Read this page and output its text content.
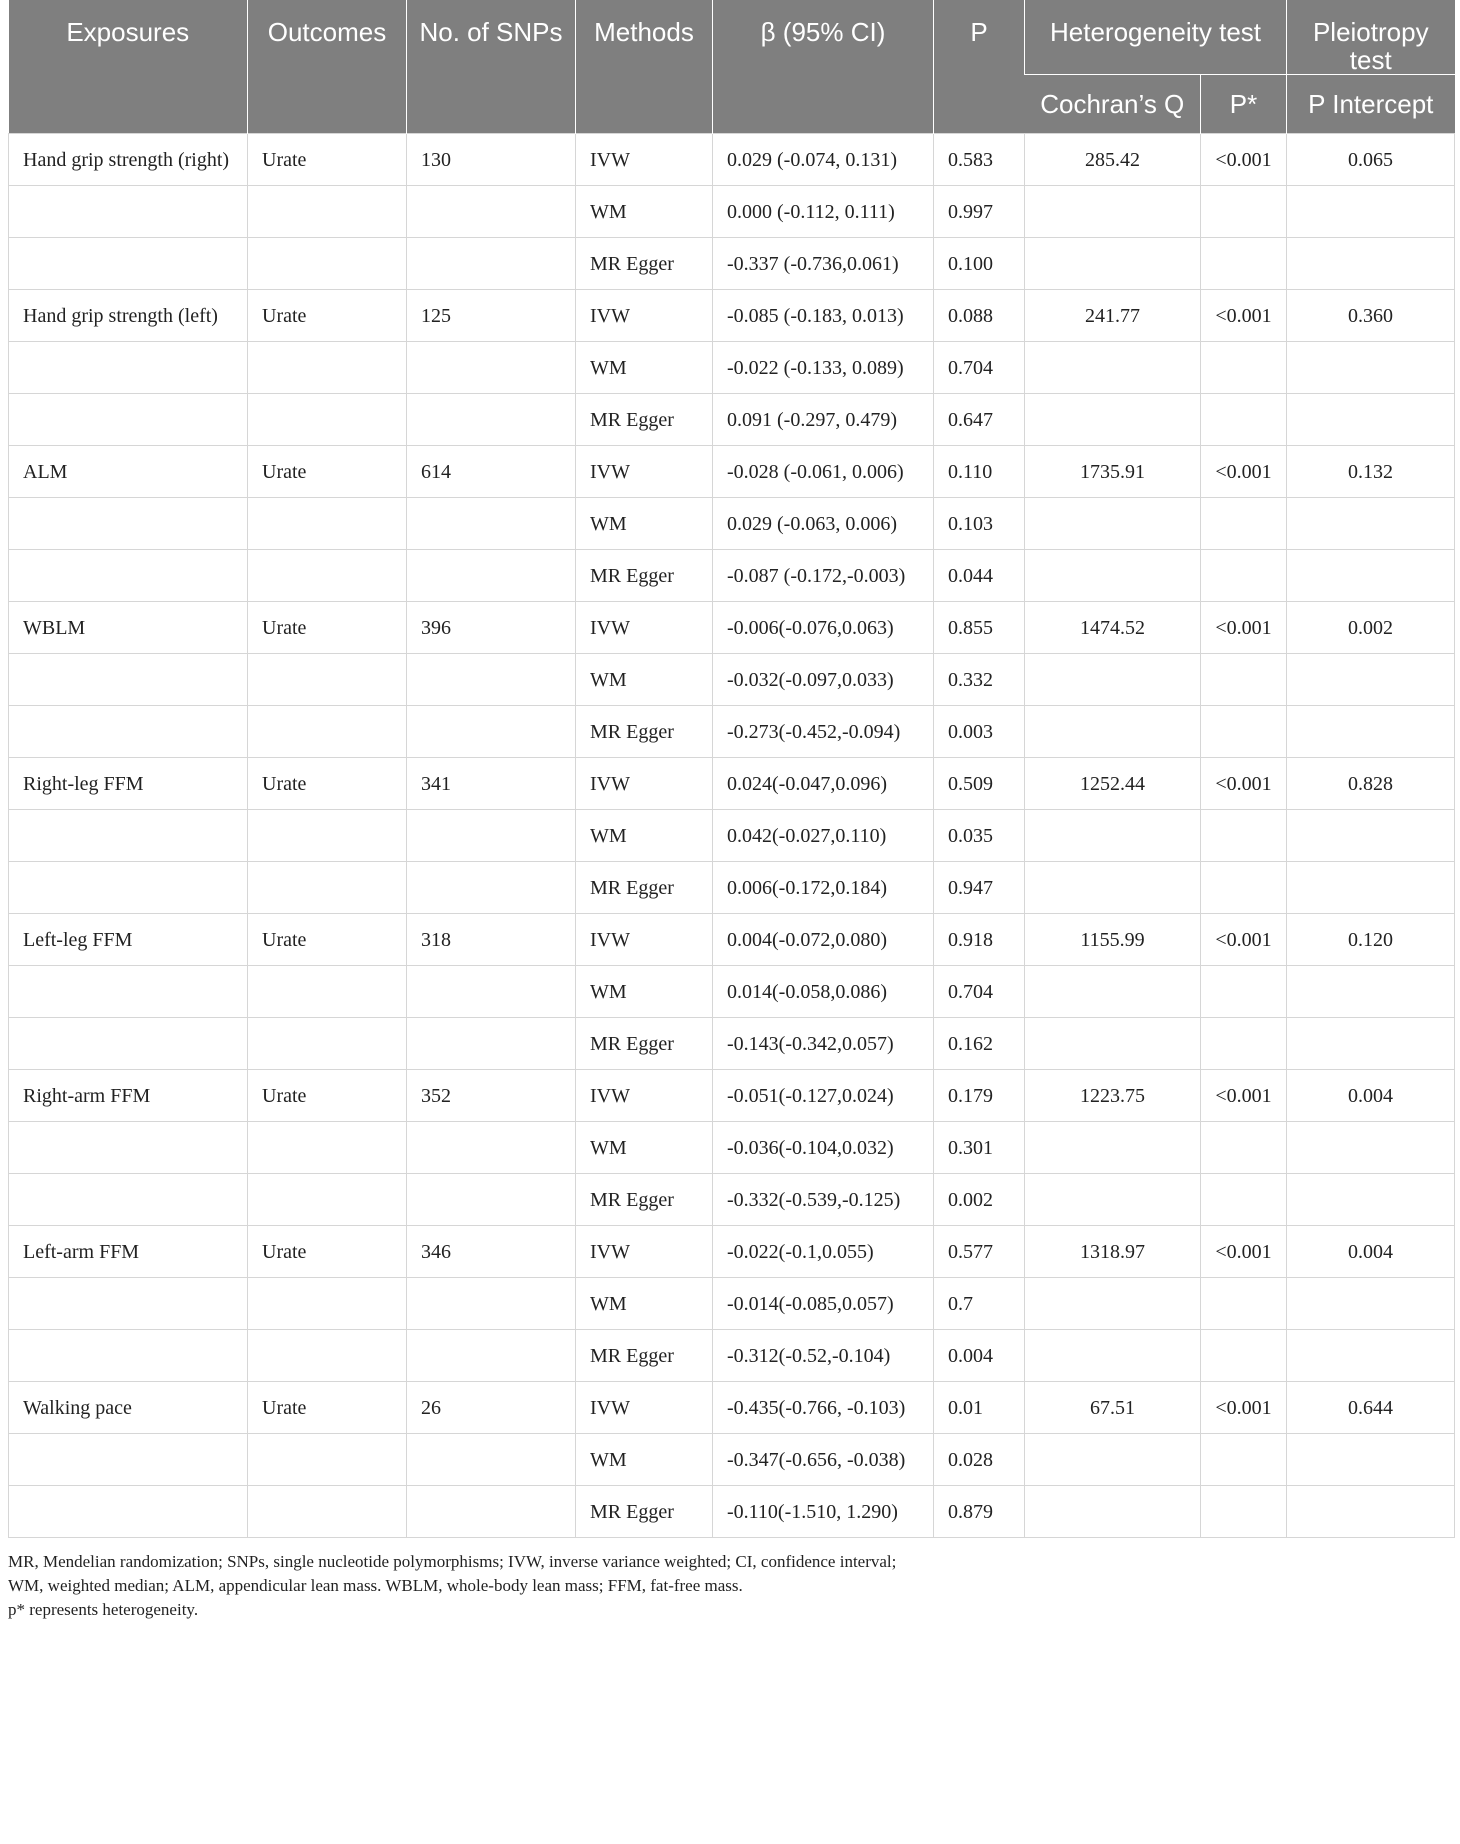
Exposures	Outcomes	No. of SNPs	Methods	β (95% CI)	P	Heterogeneity test		Pleiotropy test
						Cochran’s Q	P*	P Intercept
Hand grip strength (right)	Urate	130	IVW	0.029 (-0.074, 0.131)	0.583	285.42	<0.001	0.065
			WM	0.000 (-0.112, 0.111)	0.997			
			MR Egger	-0.337 (-0.736,0.061)	0.100			
Hand grip strength (left)	Urate	125	IVW	-0.085 (-0.183, 0.013)	0.088	241.77	<0.001	0.360
			WM	-0.022 (-0.133, 0.089)	0.704			
			MR Egger	0.091 (-0.297, 0.479)	0.647			
ALM	Urate	614	IVW	-0.028 (-0.061, 0.006)	0.110	1735.91	<0.001	0.132
			WM	0.029 (-0.063, 0.006)	0.103			
			MR Egger	-0.087 (-0.172,-0.003)	0.044			
WBLM	Urate	396	IVW	-0.006(-0.076,0.063)	0.855	1474.52	<0.001	0.002
			WM	-0.032(-0.097,0.033)	0.332			
			MR Egger	-0.273(-0.452,-0.094)	0.003			
Right-leg FFM	Urate	341	IVW	0.024(-0.047,0.096)	0.509	1252.44	<0.001	0.828
			WM	0.042(-0.027,0.110)	0.035			
			MR Egger	0.006(-0.172,0.184)	0.947			
Left-leg FFM	Urate	318	IVW	0.004(-0.072,0.080)	0.918	1155.99	<0.001	0.120
			WM	0.014(-0.058,0.086)	0.704			
			MR Egger	-0.143(-0.342,0.057)	0.162			
Right-arm FFM	Urate	352	IVW	-0.051(-0.127,0.024)	0.179	1223.75	<0.001	0.004
			WM	-0.036(-0.104,0.032)	0.301			
			MR Egger	-0.332(-0.539,-0.125)	0.002			
Left-arm FFM	Urate	346	IVW	-0.022(-0.1,0.055)	0.577	1318.97	<0.001	0.004
			WM	-0.014(-0.085,0.057)	0.7			
			MR Egger	-0.312(-0.52,-0.104)	0.004			
Walking pace	Urate	26	IVW	-0.435(-0.766, -0.103)	0.01	67.51	<0.001	0.644
			WM	-0.347(-0.656, -0.038)	0.028			
			MR Egger	-0.110(-1.510, 1.290)	0.879			

MR, Mendelian randomization; SNPs, single nucleotide polymorphisms; IVW, inverse variance weighted; CI, confidence interval; WM, weighted median; ALM, appendicular lean mass. WBLM, whole-body lean mass; FFM, fat-free mass.

p* represents heterogeneity.
